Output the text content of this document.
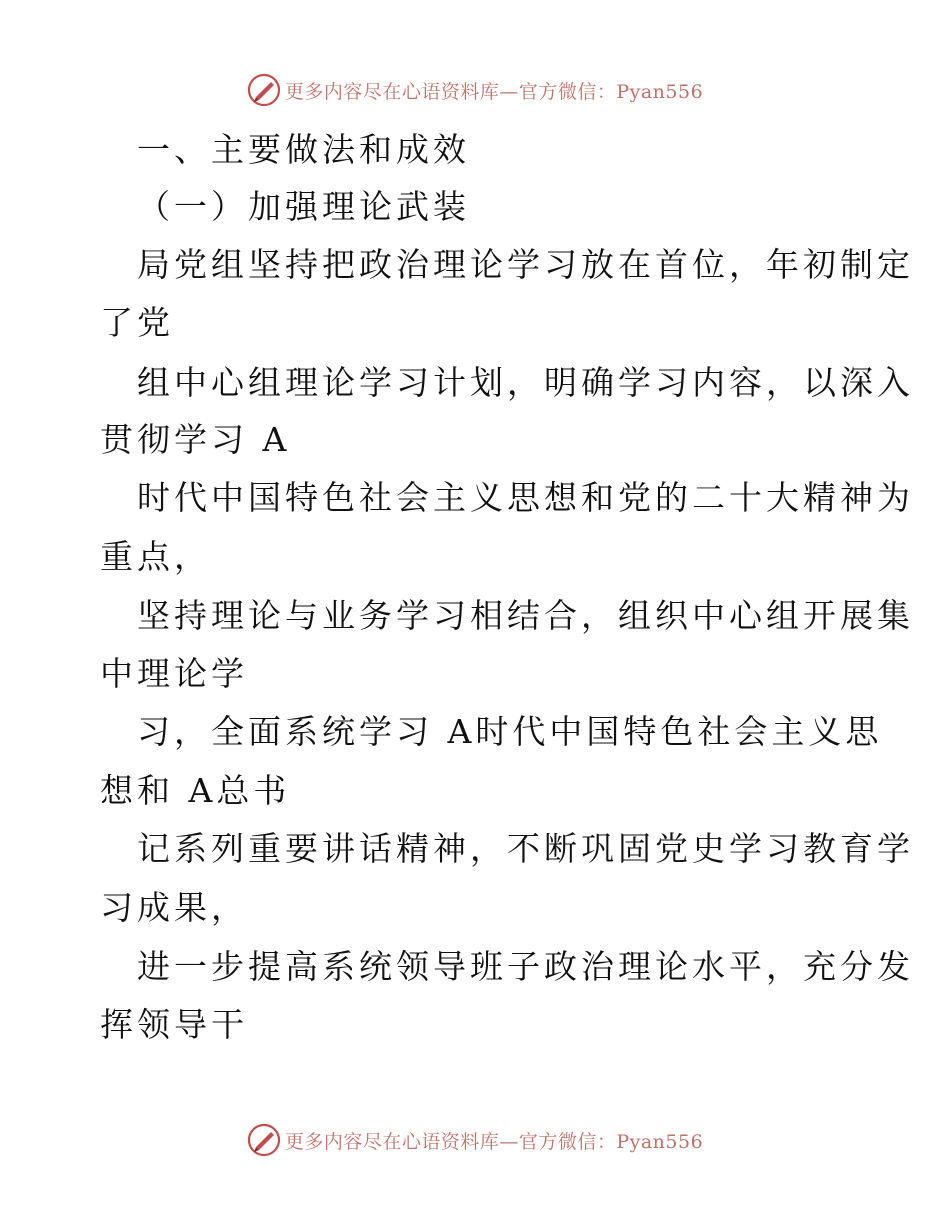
更多内容尽在心语资料库—官方微信：Pyan556
一、主要做法和成效
（一）加强理论武装
局党组坚持把政治理论学习放在首位，年初制定
了党
组中心组理论学习计划，明确学习内容，以深入
贯彻学习 A
时代中国特色社会主义思想和党的二十大精神为
重点，
坚持理论与业务学习相结合，组织中心组开展集
中理论学
习，全面系统学习 A时代中国特色社会主义思
想和 A总书
记系列重要讲话精神，不断巩固党史学习教育学
习成果，
进一步提高系统领导班子政治理论水平，充分发
挥领导干
更多内容尽在心语资料库—官方微信：Pyan556
